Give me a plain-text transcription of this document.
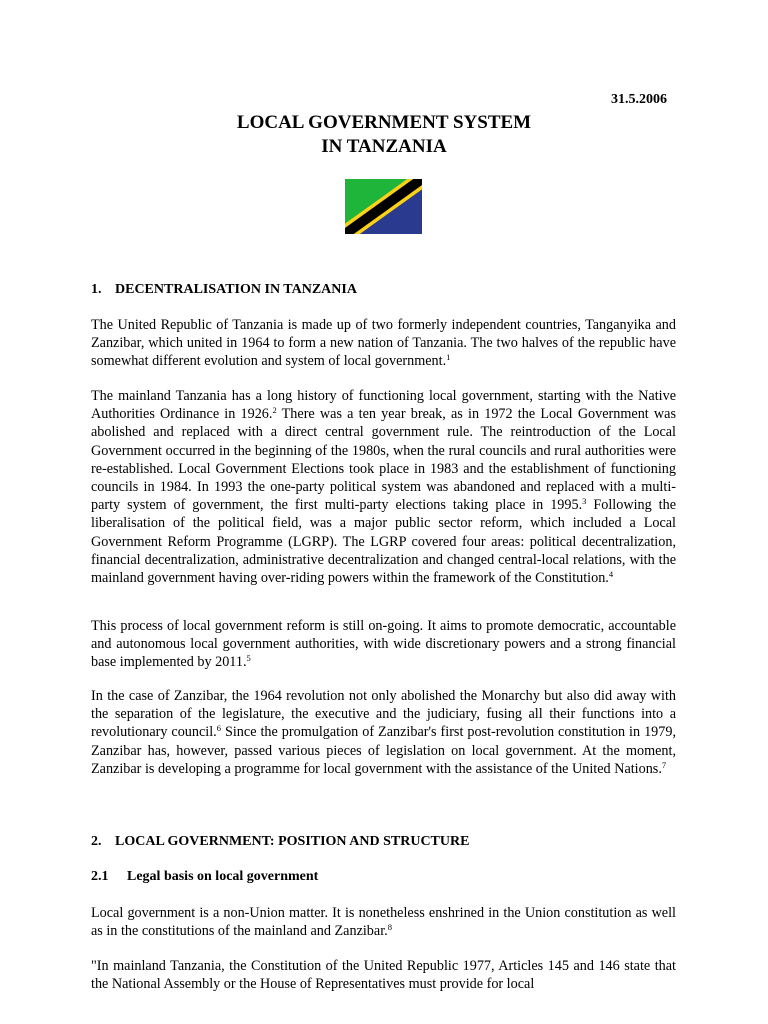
31.5.2006
LOCAL GOVERNMENT SYSTEM
IN TANZANIA
1. DECENTRALISATION IN TANZANIA
The United Republic of Tanzania is made up of two formerly independent countries, Tanganyika and Zanzibar, which united in 1964 to form a new nation of Tanzania. The two halves of the republic have somewhat different evolution and system of local government.$^1$
The mainland Tanzania has a long history of functioning local government, starting with the Native Authorities Ordinance in 1926.$^2$ There was a ten year break, as in 1972 the Local Government was abolished and replaced with a direct central government rule. The reintroduction of the Local Government occurred in the beginning of the 1980s, when the rural councils and rural authorities were re-established. Local Government Elections took place in 1983 and the establishment of functioning councils in 1984. In 1993 the one-party political system was abandoned and replaced with a multi-party system of government, the first multi-party elections taking place in 1995.$^3$ Following the liberalisation of the political field, was a major public sector reform, which included a Local Government Reform Programme (LGRP). The LGRP covered four areas: political decentralization, financial decentralization, administrative decentralization and changed central-local relations, with the mainland government having over-riding powers within the framework of the Constitution.$^4$
This process of local government reform is still on-going. It aims to promote democratic, accountable and autonomous local government authorities, with wide discretionary powers and a strong financial base implemented by 2011.$^5$
In the case of Zanzibar, the 1964 revolution not only abolished the Monarchy but also did away with the separation of the legislature, the executive and the judiciary, fusing all their functions into a revolutionary council.$^6$ Since the promulgation of Zanzibar's first post-revolution constitution in 1979, Zanzibar has, however, passed various pieces of legislation on local government. At the moment, Zanzibar is developing a programme for local government with the assistance of the United Nations.$^7$
2. LOCAL GOVERNMENT: POSITION AND STRUCTURE
2.1 Legal basis on local government
Local government is a non-Union matter. It is nonetheless enshrined in the Union constitution as well as in the constitutions of the mainland and Zanzibar.$^8$
"In mainland Tanzania, the Constitution of the United Republic 1977, Articles 145 and 146 state that the National Assembly or the House of Representatives must provide for local
